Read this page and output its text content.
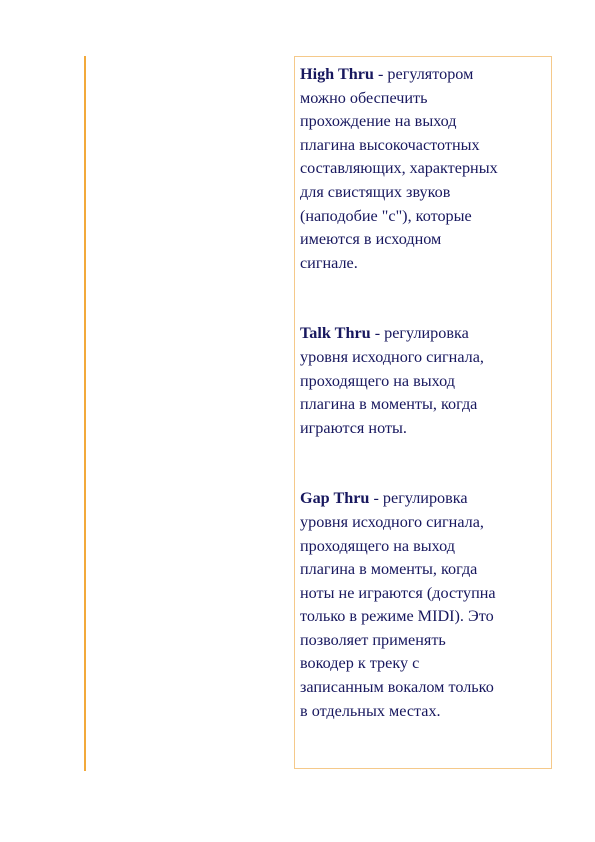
High Thru - регулятором
можно обеспечить
прохождение на выход
плагина высокочастотных
составляющих, характерных
для свистящих звуков
(наподобие "с"), которые
имеются в исходном
сигнале.

Talk Thru - регулировка
уровня исходного сигнала,
проходящего на выход
плагина в моменты, когда
играются ноты.

Gap Thru - регулировка
уровня исходного сигнала,
проходящего на выход
плагина в моменты, когда
ноты не играются (доступна
только в режиме MIDI). Это
позволяет применять
вокодер к треку с
записанным вокалом только
в отдельных местах.
